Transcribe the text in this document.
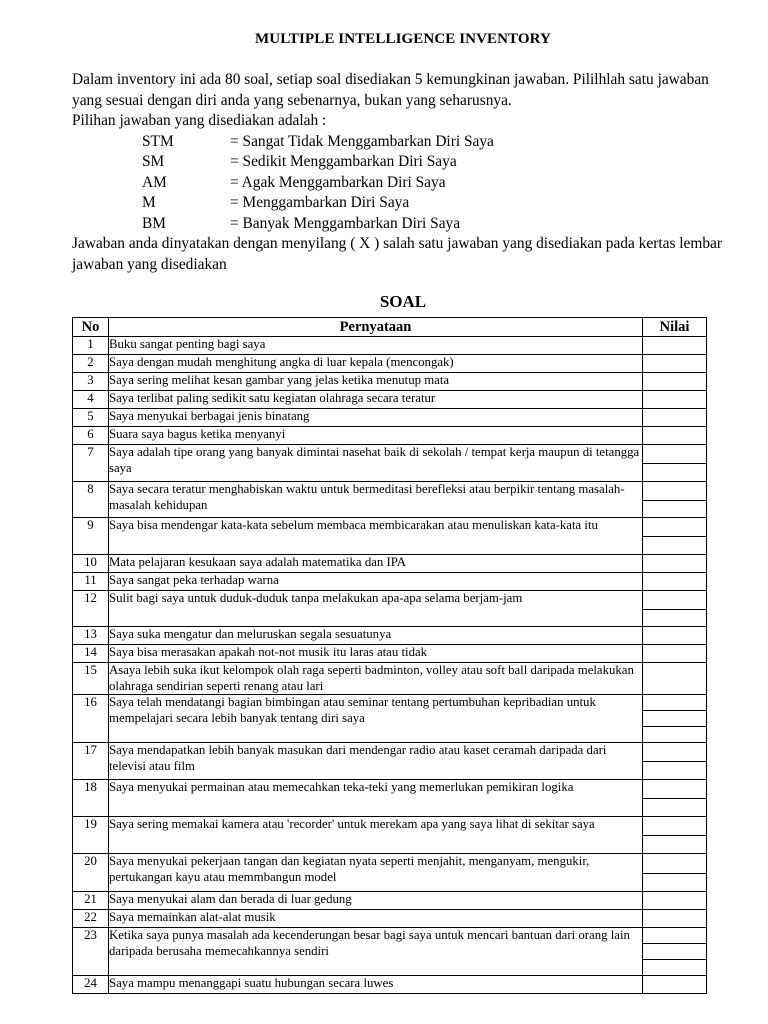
MULTIPLE INTELLIGENCE INVENTORY

Dalam inventory ini ada 80 soal, setiap soal disediakan 5 kemungkinan jawaban. Pililhlah satu jawaban yang sesuai dengan diri anda yang sebenarnya, bukan yang seharusnya.

Pilihan jawaban yang disediakan adalah :

STM	= Sangat Tidak Menggambarkan Diri Saya
SM	= Sedikit Menggambarkan Diri Saya
AM	= Agak Menggambarkan Diri Saya
M	= Menggambarkan Diri Saya
BM	= Banyak Menggambarkan Diri Saya

Jawaban anda dinyatakan dengan menyilang ( X ) salah satu jawaban yang disediakan pada kertas lembar jawaban yang disediakan

SOAL
No	Pernyataan	Nilai
1	Buku sangat penting bagi saya	

2	Saya dengan mudah menghitung angka di luar kepala (mencongak)	

3	Saya sering melihat kesan gambar yang jelas ketika menutup mata	

4	Saya terlibat paling sedikit satu kegiatan olahraga secara teratur	

5	Saya menyukai berbagai jenis binatang	

6	Suara saya bagus ketika menyanyi	

7	Saya adalah tipe orang yang banyak dimintai nasehat baik di sekolah / tempat kerja maupun di tetangga saya	

8	Saya secara teratur menghabiskan waktu untuk bermeditasi berefleksi atau berpikir tentang masalah-masalah kehidupan	

9	Saya bisa mendengar kata-kata sebelum membaca membicarakan atau menuliskan kata-kata itu	

10	Mata pelajaran kesukaan saya adalah matematika dan IPA	

11	Saya sangat peka terhadap warna	

12	Sulit bagi saya untuk duduk-duduk tanpa melakukan apa-apa selama berjam-jam	

13	Saya suka mengatur dan meluruskan segala sesuatunya	

14	Saya bisa merasakan apakah not-not musik itu laras atau tidak	

15	Asaya lebih suka ikut kelompok olah raga seperti badminton, volley atau soft ball daripada melakukan olahraga sendirian seperti renang atau lari	

16	Saya telah mendatangi bagian bimbingan atau seminar tentang pertumbuhan kepribadian untuk mempelajari secara lebih banyak tentang diri saya	

17	Saya mendapatkan lebih banyak masukan dari mendengar radio atau kaset ceramah daripada dari televisi atau film	

18	Saya menyukai permainan atau memecahkan teka-teki yang memerlukan pemikiran logika	

19	Saya sering memakai kamera atau 'recorder' untuk merekam apa yang saya lihat di sekitar saya	

20	Saya menyukai pekerjaan tangan dan kegiatan nyata seperti menjahit, menganyam, mengukir, pertukangan kayu atau memmbangun model	

21	Saya menyukai alam dan berada di luar gedung	

22	Saya memainkan alat-alat musik	

23	Ketika saya punya masalah ada kecenderungan besar bagi saya untuk mencari bantuan dari orang lain daripada berusaha memecahkannya sendiri	

24	Saya mampu menanggapi suatu hubungan secara luwes	
